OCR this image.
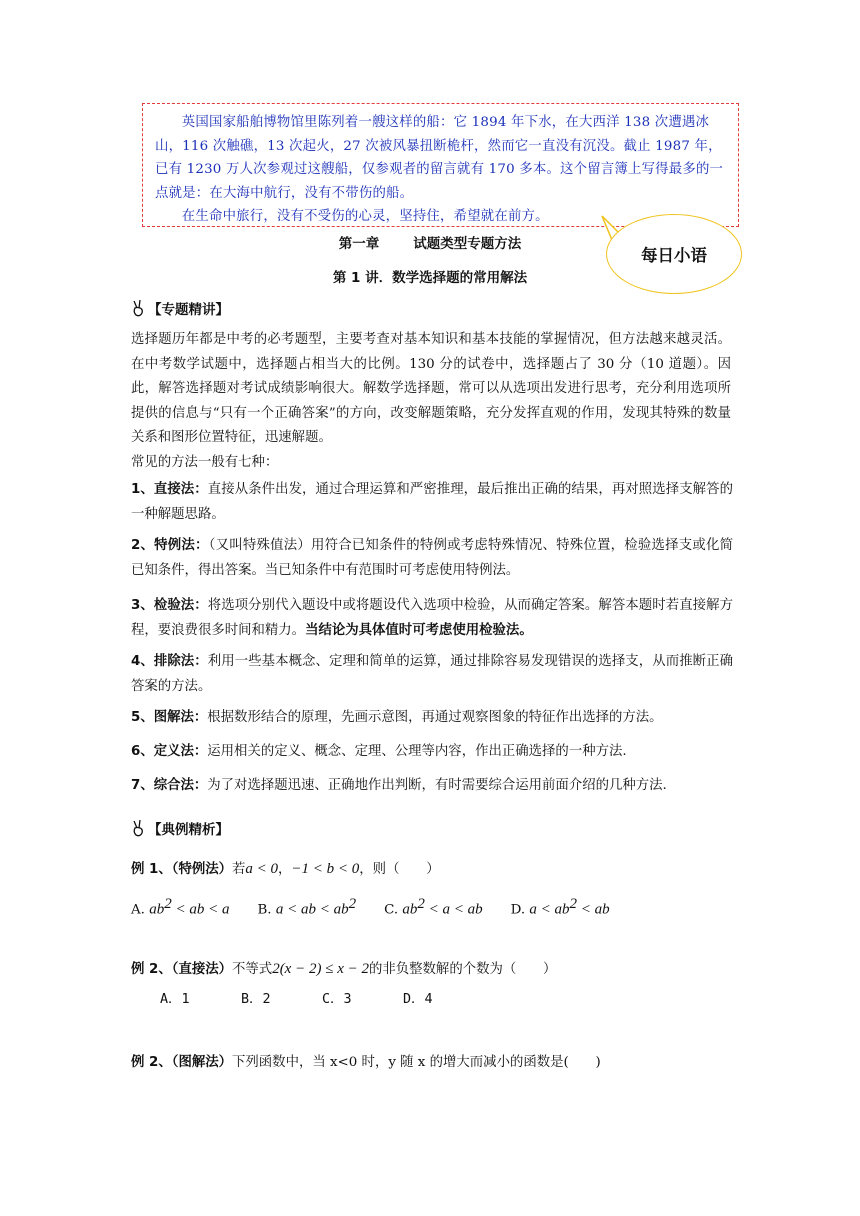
英国国家船舶博物馆里陈列着一艘这样的船：它 1894 年下水，在大西洋 138 次遭遇冰山，116 次触礁，13 次起火，27 次被风暴扭断桅杆，然而它一直没有沉没。截止 1987 年，已有 1230 万人次参观过这艘船，仅参观者的留言就有 170 多本。这个留言簿上写得最多的一点就是：在大海中航行，没有不带伤的船。

在生命中旅行，没有不受伤的心灵，坚持住，希望就在前方。

每日小语
第一章	试题类型专题方法
第 1 讲．数学选择题的常用解法
【专题精讲】

选择题历年都是中考的必考题型，主要考查对基本知识和基本技能的掌握情况，但方法越来越灵活。在中考数学试题中，选择题占相当大的比例。130 分的试卷中，选择题占了 30 分（10 道题）。因此，解答选择题对考试成绩影响很大。解数学选择题，常可以从选项出发进行思考，充分利用选项所提供的信息与“只有一个正确答案”的方向，改变解题策略，充分发挥直观的作用，发现其特殊的数量关系和图形位置特征，迅速解题。

常见的方法一般有七种：

1、直接法：直接从条件出发，通过合理运算和严密推理，最后推出正确的结果，再对照选择支解答的一种解题思路。
2、特例法：（又叫特殊值法）用符合已知条件的特例或考虑特殊情况、特殊位置，检验选择支或化简已知条件，得出答案。当已知条件中有范围时可考虑使用特例法。
3、检验法：将选项分别代入题设中或将题设代入选项中检验，从而确定答案。解答本题时若直接解方程，要浪费很多时间和精力。当结论为具体值时可考虑使用检验法。
4、排除法：利用一些基本概念、定理和简单的运算，通过排除容易发现错误的选择支，从而推断正确答案的方法。
5、图解法：根据数形结合的原理，先画示意图，再通过观察图象的特征作出选择的方法。
6、定义法：运用相关的定义、概念、定理、公理等内容，作出正确选择的一种方法.
7、综合法：为了对选择题迅速、正确地作出判断，有时需要综合运用前面介绍的几种方法.
【典例精析】
例 1、（特例法）若a < 0，−1 < b < 0，则（　　）
A. $ab^2$ < ab < a B. a < ab < $ab^2$ C. $ab^2 < a$ < ab D. $a < ab^2$ < ab
例 2、（直接法）不等式2(x − 2) ≤ x − 2的非负整数解的个数为（　　）
A．1	B．2	C．3	D．4
例 2、（图解法）下列函数中，当 x<0 时，y 随 x 的增大而减小的函数是(　　)
